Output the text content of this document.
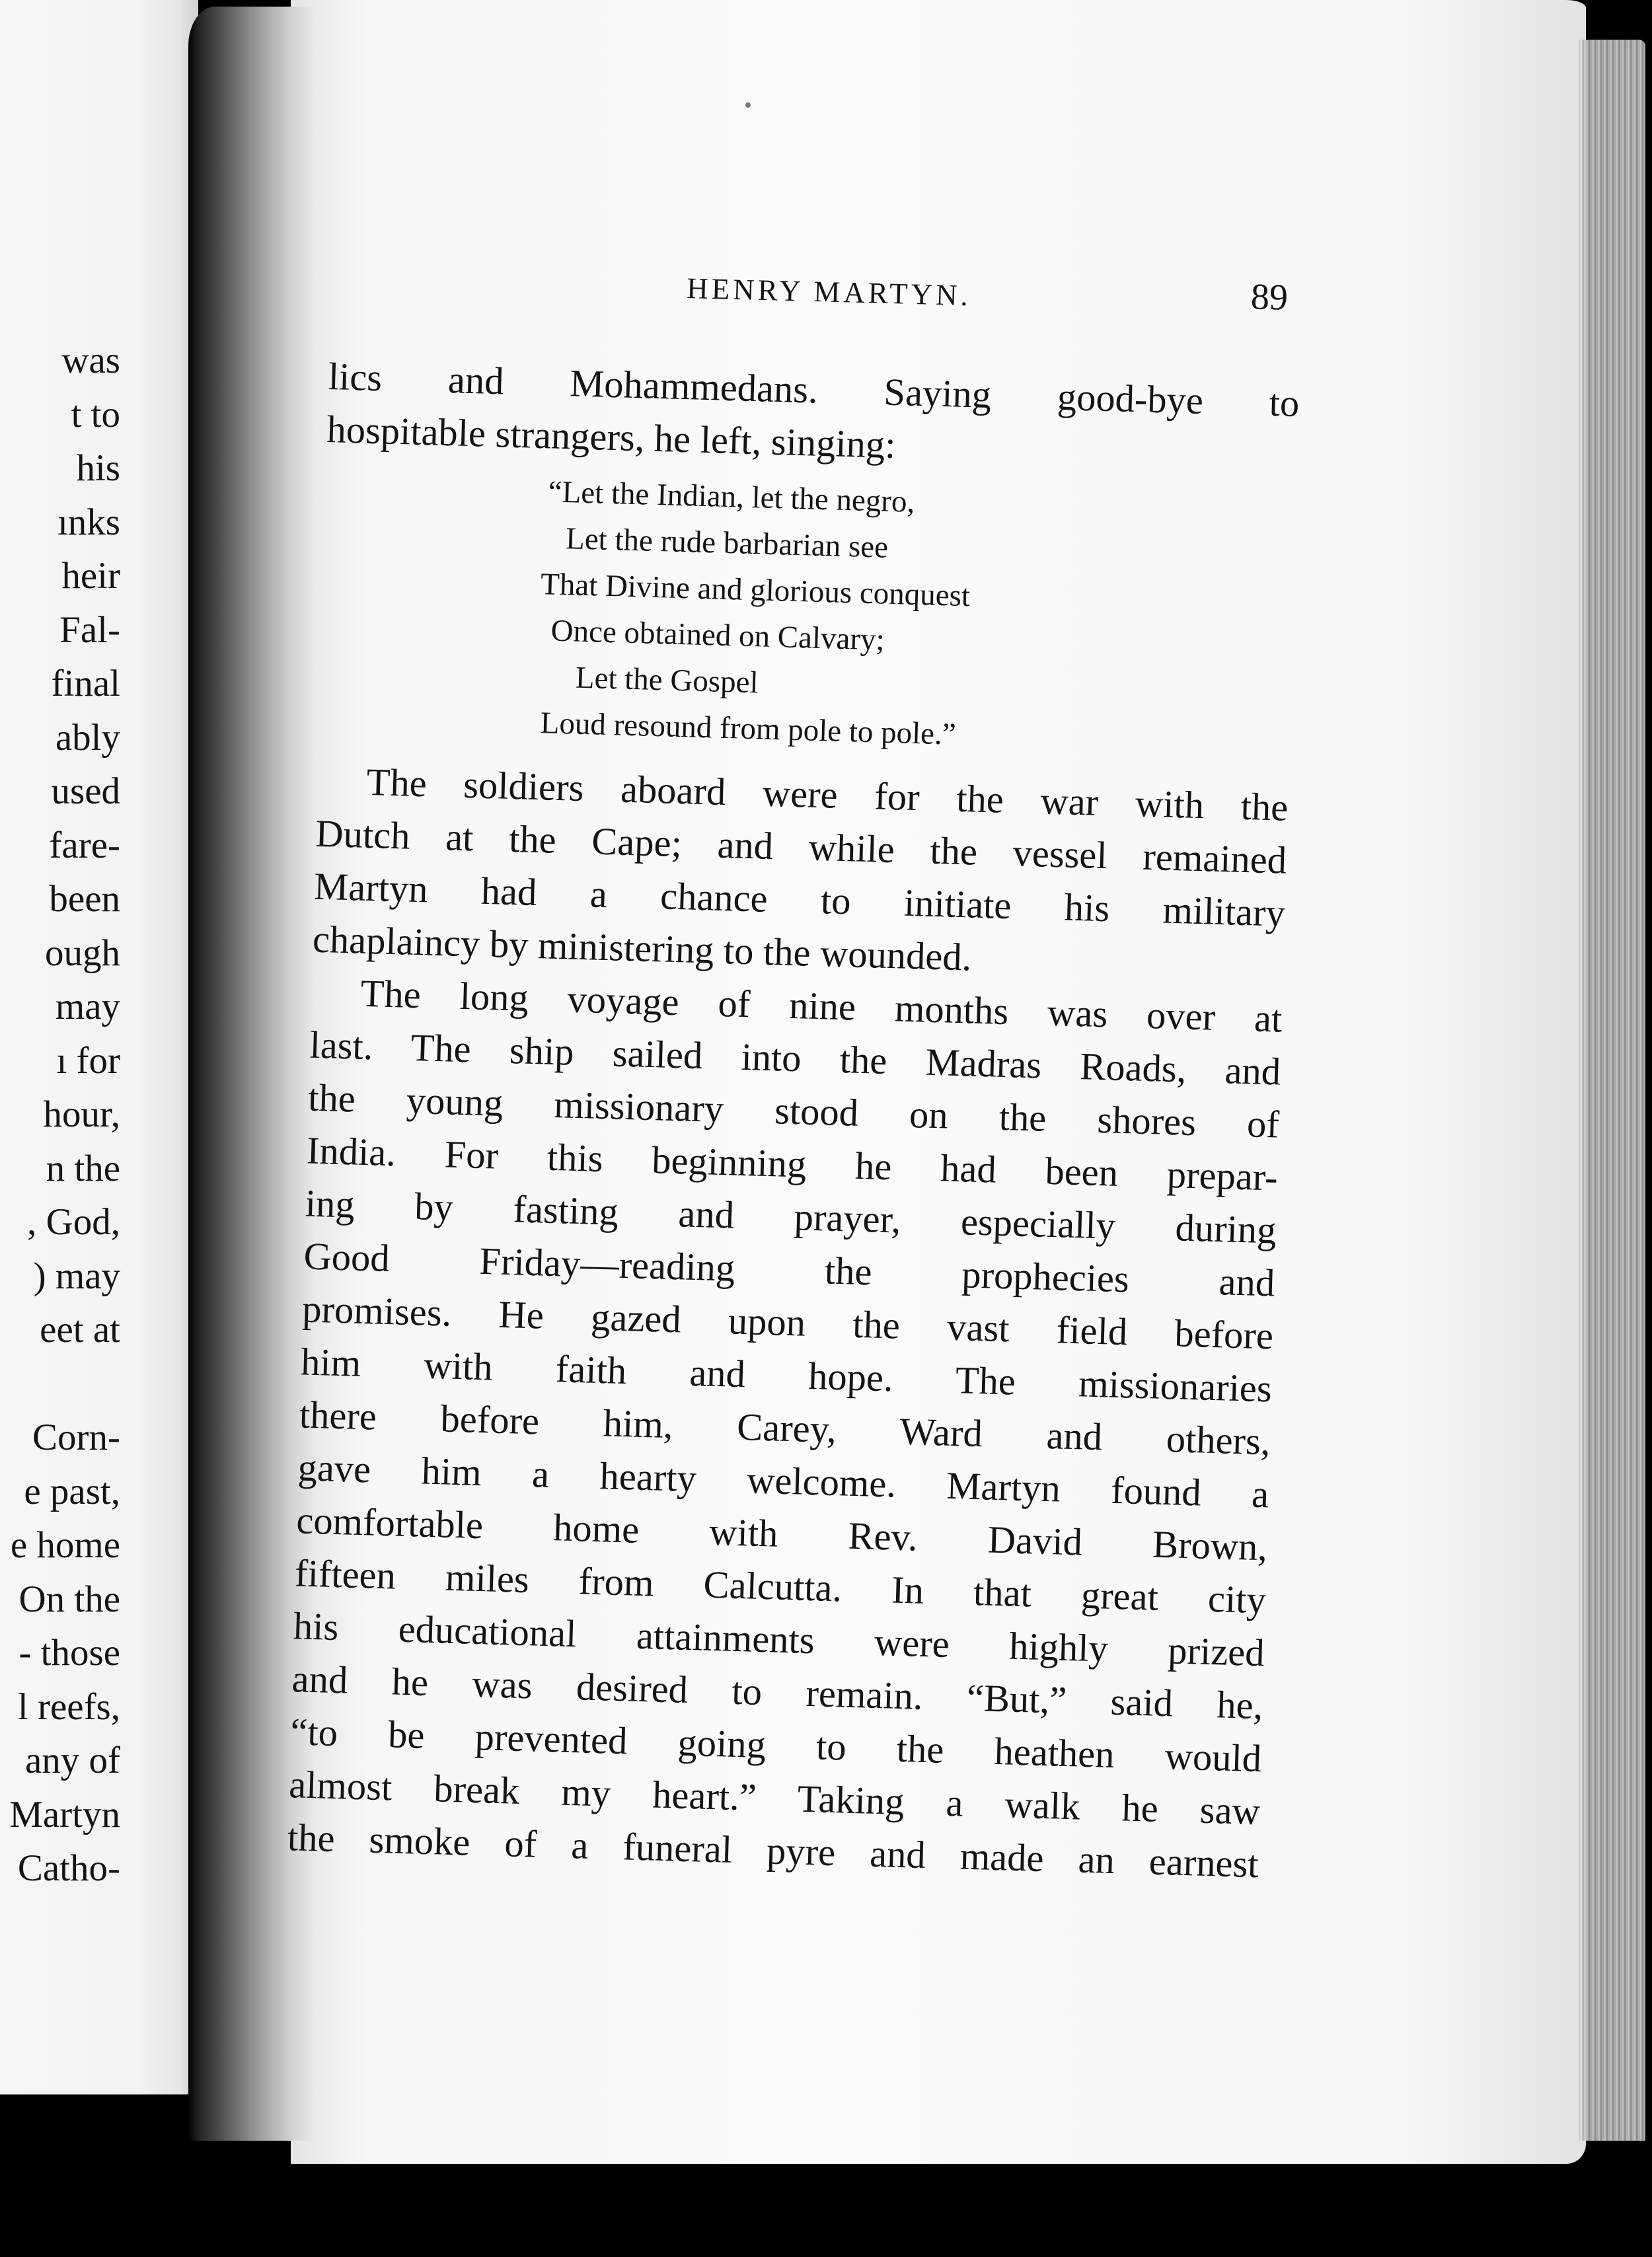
was
t to
his
ınks
heir
Fal-
final
ably
used
fare-
been
ough
may
ı for
hour,
n the
, God,
) may
eet at
Corn-
e past,
e home
On the
- those
l reefs,
any of
Martyn
Catho-
HENRY MARTYN.	89
lics and Mohammedans. Saying good-bye to
hospitable strangers, he left, singing:
“Let the Indian, let the negro,
Let the rude barbarian see
That Divine and glorious conquest
Once obtained on Calvary;
Let the Gospel
Loud resound from pole to pole.”
The soldiers aboard were for the war with the
Dutch at the Cape; and while the vessel remained
Martyn had a chance to initiate his military
chaplaincy by ministering to the wounded.
The long voyage of nine months was over at
last. The ship sailed into the Madras Roads, and
the young missionary stood on the shores of
India. For this beginning he had been prepar-
ing by fasting and prayer, especially during
Good Friday—reading the prophecies and
promises. He gazed upon the vast field before
him with faith and hope. The missionaries
there before him, Carey, Ward and others,
gave him a hearty welcome. Martyn found a
comfortable home with Rev. David Brown,
fifteen miles from Calcutta. In that great city
his educational attainments were highly prized
and he was desired to remain. “But,” said he,
“to be prevented going to the heathen would
almost break my heart.” Taking a walk he saw
the smoke of a funeral pyre and made an earnest
